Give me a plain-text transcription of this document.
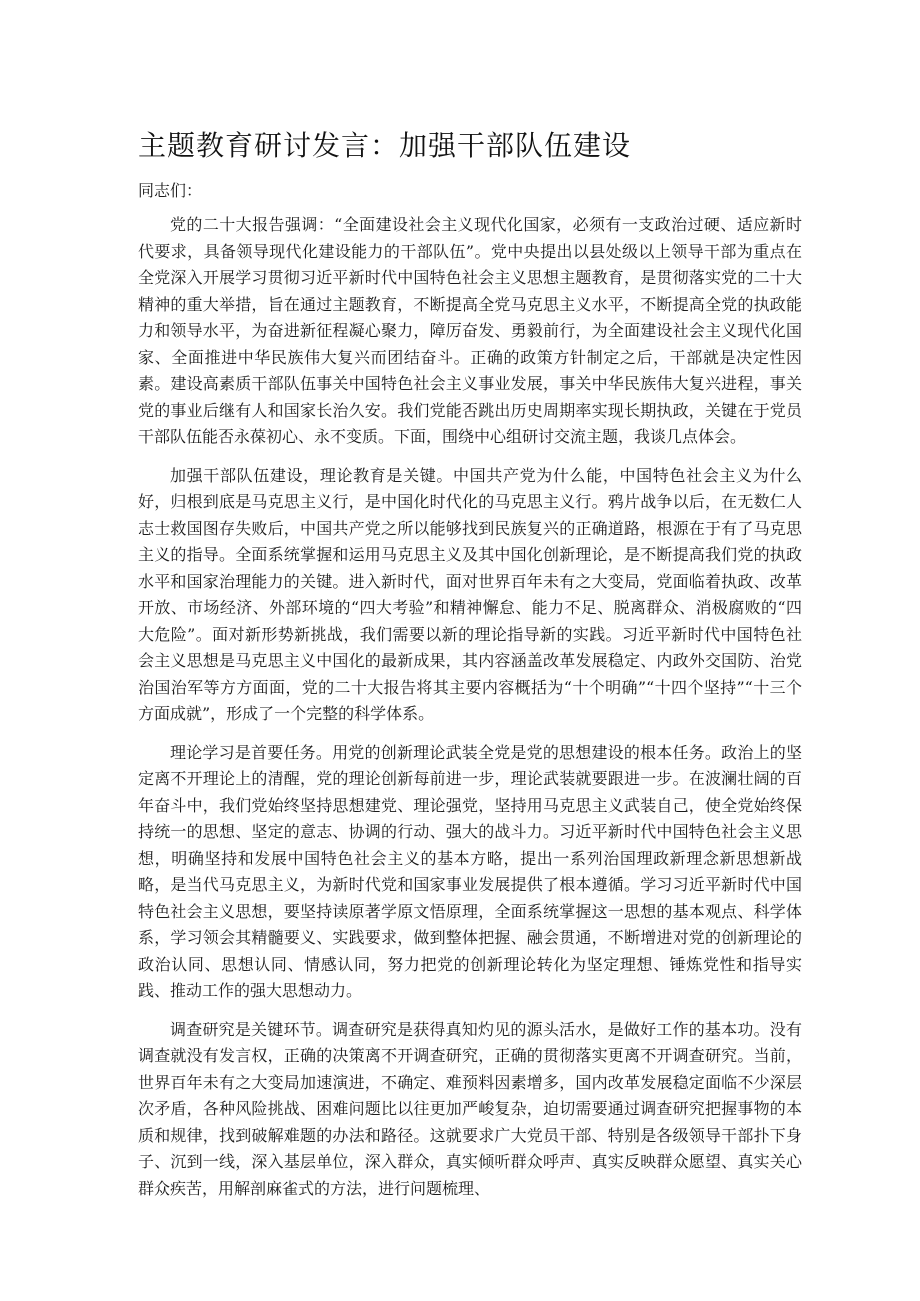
主题教育研讨发言：加强干部队伍建设

同志们：

党的二十大报告强调：“全面建设社会主义现代化国家，必须有一支政治过硬、适应新时代要求，具备领导现代化建设能力的干部队伍”。党中央提出以县处级以上领导干部为重点在全党深入开展学习贯彻习近平新时代中国特色社会主义思想主题教育，是贯彻落实党的二十大精神的重大举措，旨在通过主题教育，不断提高全党马克思主义水平，不断提高全党的执政能力和领导水平，为奋进新征程凝心聚力，障厉奋发、勇毅前行，为全面建设社会主义现代化国家、全面推进中华民族伟大复兴而团结奋斗。正确的政策方针制定之后，干部就是决定性因素。建设高素质干部队伍事关中国特色社会主义事业发展，事关中华民族伟大复兴进程，事关党的事业后继有人和国家长治久安。我们党能否跳出历史周期率实现长期执政，关键在于党员干部队伍能否永葆初心、永不变质。下面，围绕中心组研讨交流主题，我谈几点体会。

加强干部队伍建设，理论教育是关键。中国共产党为什么能，中国特色社会主义为什么好，归根到底是马克思主义行，是中国化时代化的马克思主义行。鸦片战争以后，在无数仁人志士救国图存失败后，中国共产党之所以能够找到民族复兴的正确道路，根源在于有了马克思主义的指导。全面系统掌握和运用马克思主义及其中国化创新理论，是不断提高我们党的执政水平和国家治理能力的关键。进入新时代，面对世界百年未有之大变局，党面临着执政、改革开放、市场经济、外部环境的“四大考验”和精神懈怠、能力不足、脱离群众、消极腐败的“四大危险”。面对新形势新挑战，我们需要以新的理论指导新的实践。习近平新时代中国特色社会主义思想是马克思主义中国化的最新成果，其内容涵盖改革发展稳定、内政外交国防、治党治国治军等方方面面，党的二十大报告将其主要内容概括为“十个明确”“十四个坚持”“十三个方面成就”，形成了一个完整的科学体系。

理论学习是首要任务。用党的创新理论武装全党是党的思想建设的根本任务。政治上的坚定离不开理论上的清醒，党的理论创新每前进一步，理论武装就要跟进一步。在波澜壮阔的百年奋斗中，我们党始终坚持思想建党、理论强党，坚持用马克思主义武装自己，使全党始终保持统一的思想、坚定的意志、协调的行动、强大的战斗力。习近平新时代中国特色社会主义思想，明确坚持和发展中国特色社会主义的基本方略，提出一系列治国理政新理念新思想新战略，是当代马克思主义，为新时代党和国家事业发展提供了根本遵循。学习习近平新时代中国特色社会主义思想，要坚持读原著学原文悟原理，全面系统掌握这一思想的基本观点、科学体系，学习领会其精髓要义、实践要求，做到整体把握、融会贯通，不断增进对党的创新理论的政治认同、思想认同、情感认同，努力把党的创新理论转化为坚定理想、锤炼党性和指导实践、推动工作的强大思想动力。

调查研究是关键环节。调查研究是获得真知灼见的源头活水，是做好工作的基本功。没有调查就没有发言权，正确的决策离不开调查研究，正确的贯彻落实更离不开调查研究。当前，世界百年未有之大变局加速演进，不确定、难预料因素增多，国内改革发展稳定面临不少深层次矛盾，各种风险挑战、困难问题比以往更加严峻复杂，迫切需要通过调查研究把握事物的本质和规律，找到破解难题的办法和路径。这就要求广大党员干部、特别是各级领导干部扑下身子、沉到一线，深入基层单位，深入群众，真实倾听群众呼声、真实反映群众愿望、真实关心群众疾苦，用解剖麻雀式的方法，进行问题梳理、
